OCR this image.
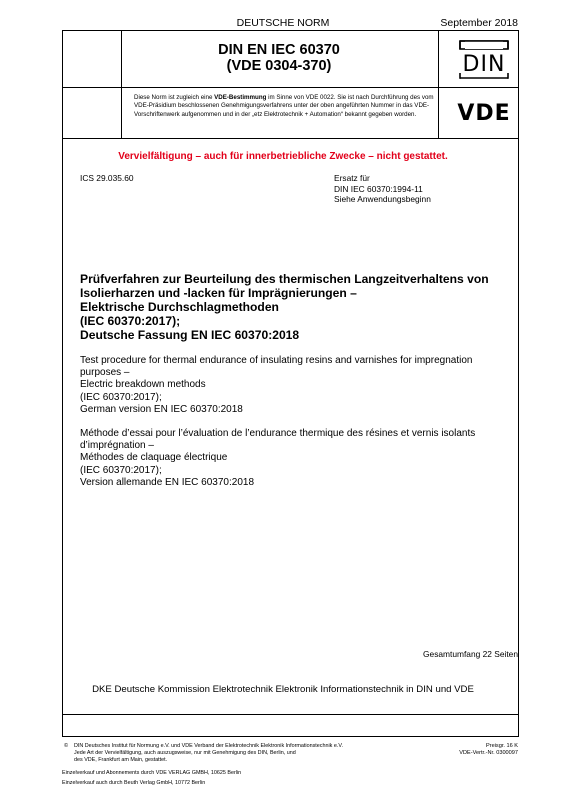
DEUTSCHE NORM	September 2018
DIN EN IEC 60370
(VDE 0304-370)	DIN
Diese Norm ist zugleich eine VDE-Bestimmung im Sinne von VDE 0022. Sie ist nach Durchführung des vom VDE-Präsidium beschlossenen Genehmigungsverfahrens unter der oben angeführten Nummer in das VDE-Vorschriftenwerk aufgenommen und in der „etz Elektrotechnik + Automation“ bekannt gegeben worden.	VDE
Vervielfältigung – auch für innerbetriebliche Zwecke – nicht gestattet.
ICS 29.035.60	Ersatz für
DIN IEC 60370:1994-11
Siehe Anwendungsbeginn
Prüfverfahren zur Beurteilung des thermischen Langzeitverhaltens von
Isolierharzen und -lacken für Imprägnierungen –
Elektrische Durchschlagmethoden
(IEC 60370:2017);
Deutsche Fassung EN IEC 60370:2018
Test procedure for thermal endurance of insulating resins and varnishes for impregnation
purposes –
Electric breakdown methods
(IEC 60370:2017);
German version EN IEC 60370:2018
Méthode d’essai pour l’évaluation de l’endurance thermique des résines et vernis isolants
d’imprégnation –
Méthodes de claquage électrique
(IEC 60370:2017);
Version allemande EN IEC 60370:2018
Gesamtumfang 22 Seiten
DKE Deutsche Kommission Elektrotechnik Elektronik Informationstechnik in DIN und VDE
© DIN Deutsches Institut für Normung e.V. und VDE Verband der Elektrotechnik Elektronik Informationstechnik e.V.
Jede Art der Vervielfältigung, auch auszugsweise, nur mit Genehmigung des DIN, Berlin, und
des VDE, Frankfurt am Main, gestattet.
Preisgr. 16 K
VDE-Vertr.-Nr. 0300097
Einzelverkauf und Abonnements durch VDE VERLAG GMBH, 10625 Berlin
Einzelverkauf auch durch Beuth Verlag GmbH, 10772 Berlin
